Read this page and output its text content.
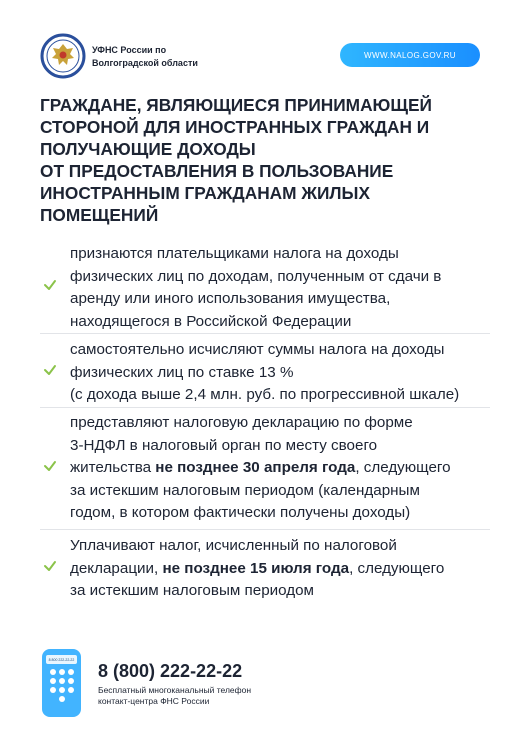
УФНС России по
Волгоградской области
WWW.NALOG.GOV.RU
ГРАЖДАНЕ, ЯВЛЯЮЩИЕСЯ ПРИНИМАЮЩЕЙ
СТОРОНОЙ ДЛЯ ИНОСТРАННЫХ ГРАЖДАН И
ПОЛУЧАЮЩИЕ ДОХОДЫ
ОТ ПРЕДОСТАВЛЕНИЯ В ПОЛЬЗОВАНИЕ
ИНОСТРАННЫМ ГРАЖДАНАМ ЖИЛЫХ
ПОМЕЩЕНИЙ
признаются плательщиками налога на доходы
физических лиц по доходам, полученным от сдачи в
аренду или иного использования имущества,
находящегося в Российской Федерации
самостоятельно исчисляют суммы налога на доходы
физических лиц по ставке 13 %
(с дохода выше 2,4 млн. руб. по прогрессивной шкале)
представляют налоговую декларацию по форме
3-НДФЛ в налоговый орган по месту своего
жительства не позднее 30 апреля года, следующего
за истекшим налоговым периодом (календарным
годом, в котором фактически получены доходы)
Уплачивают налог, исчисленный по налоговой
декларации, не позднее 15 июля года, следующего
за истекшим налоговым периодом
8 800 222-22-22
8 (800) 222-22-22
Бесплатный многоканальный телефон
контакт-центра ФНС России
